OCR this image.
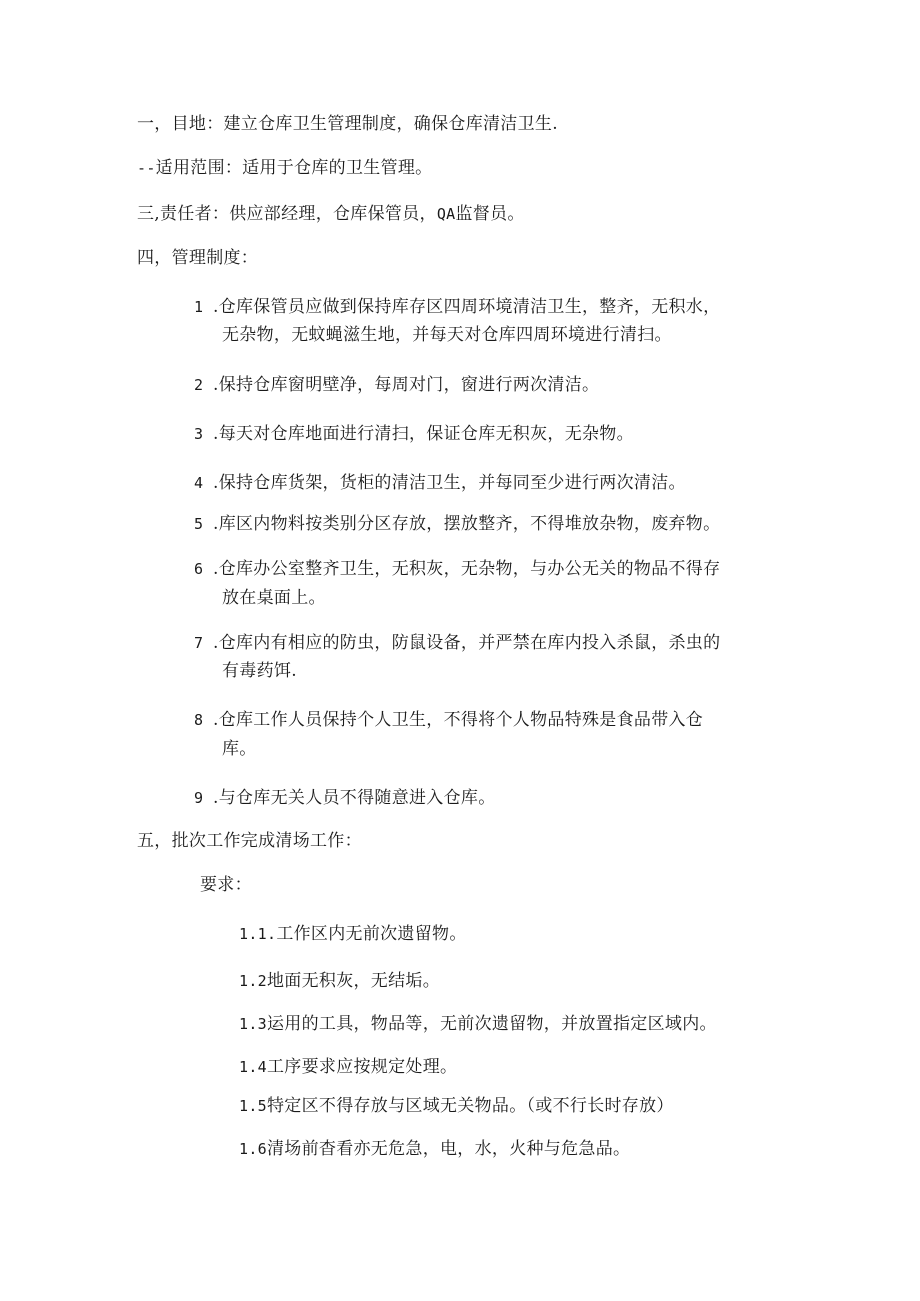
一，目地：建立仓库卫生管理制度，确保仓库清洁卫生.
--适用范围：适用于仓库的卫生管理。
三,责任者：供应部经理，仓库保管员，QA监督员。
四，管理制度：
1 .仓库保管员应做到保持库存区四周环境清洁卫生，整齐，无积水，
无杂物，无蚊蝇滋生地，并每天对仓库四周环境进行清扫。
2 .保持仓库窗明壁净，每周对门，窗进行两次清洁。
3 .每天对仓库地面进行清扫，保证仓库无积灰，无杂物。
4 .保持仓库货架，货柜的清洁卫生，并每同至少进行两次清洁。
5 .库区内物料按类别分区存放，摆放整齐，不得堆放杂物，废弃物。
6 .仓库办公室整齐卫生，无积灰，无杂物，与办公无关的物品不得存
放在桌面上。
7 .仓库内有相应的防虫，防鼠设备，并严禁在库内投入杀鼠，杀虫的
有毒药饵.
8 .仓库工作人员保持个人卫生，不得将个人物品特殊是食品带入仓
库。
9 .与仓库无关人员不得随意进入仓库。
五，批次工作完成清场工作：
要求：
1.1.工作区内无前次遗留物。
1.2地面无积灰，无结垢。
1.3运用的工具，物品等，无前次遗留物，并放置指定区域内。
1.4工序要求应按规定处理。
1.5特定区不得存放与区域无关物品。（或不行长时存放）
1.6清场前杳看亦无危急，电，水，火种与危急品。
